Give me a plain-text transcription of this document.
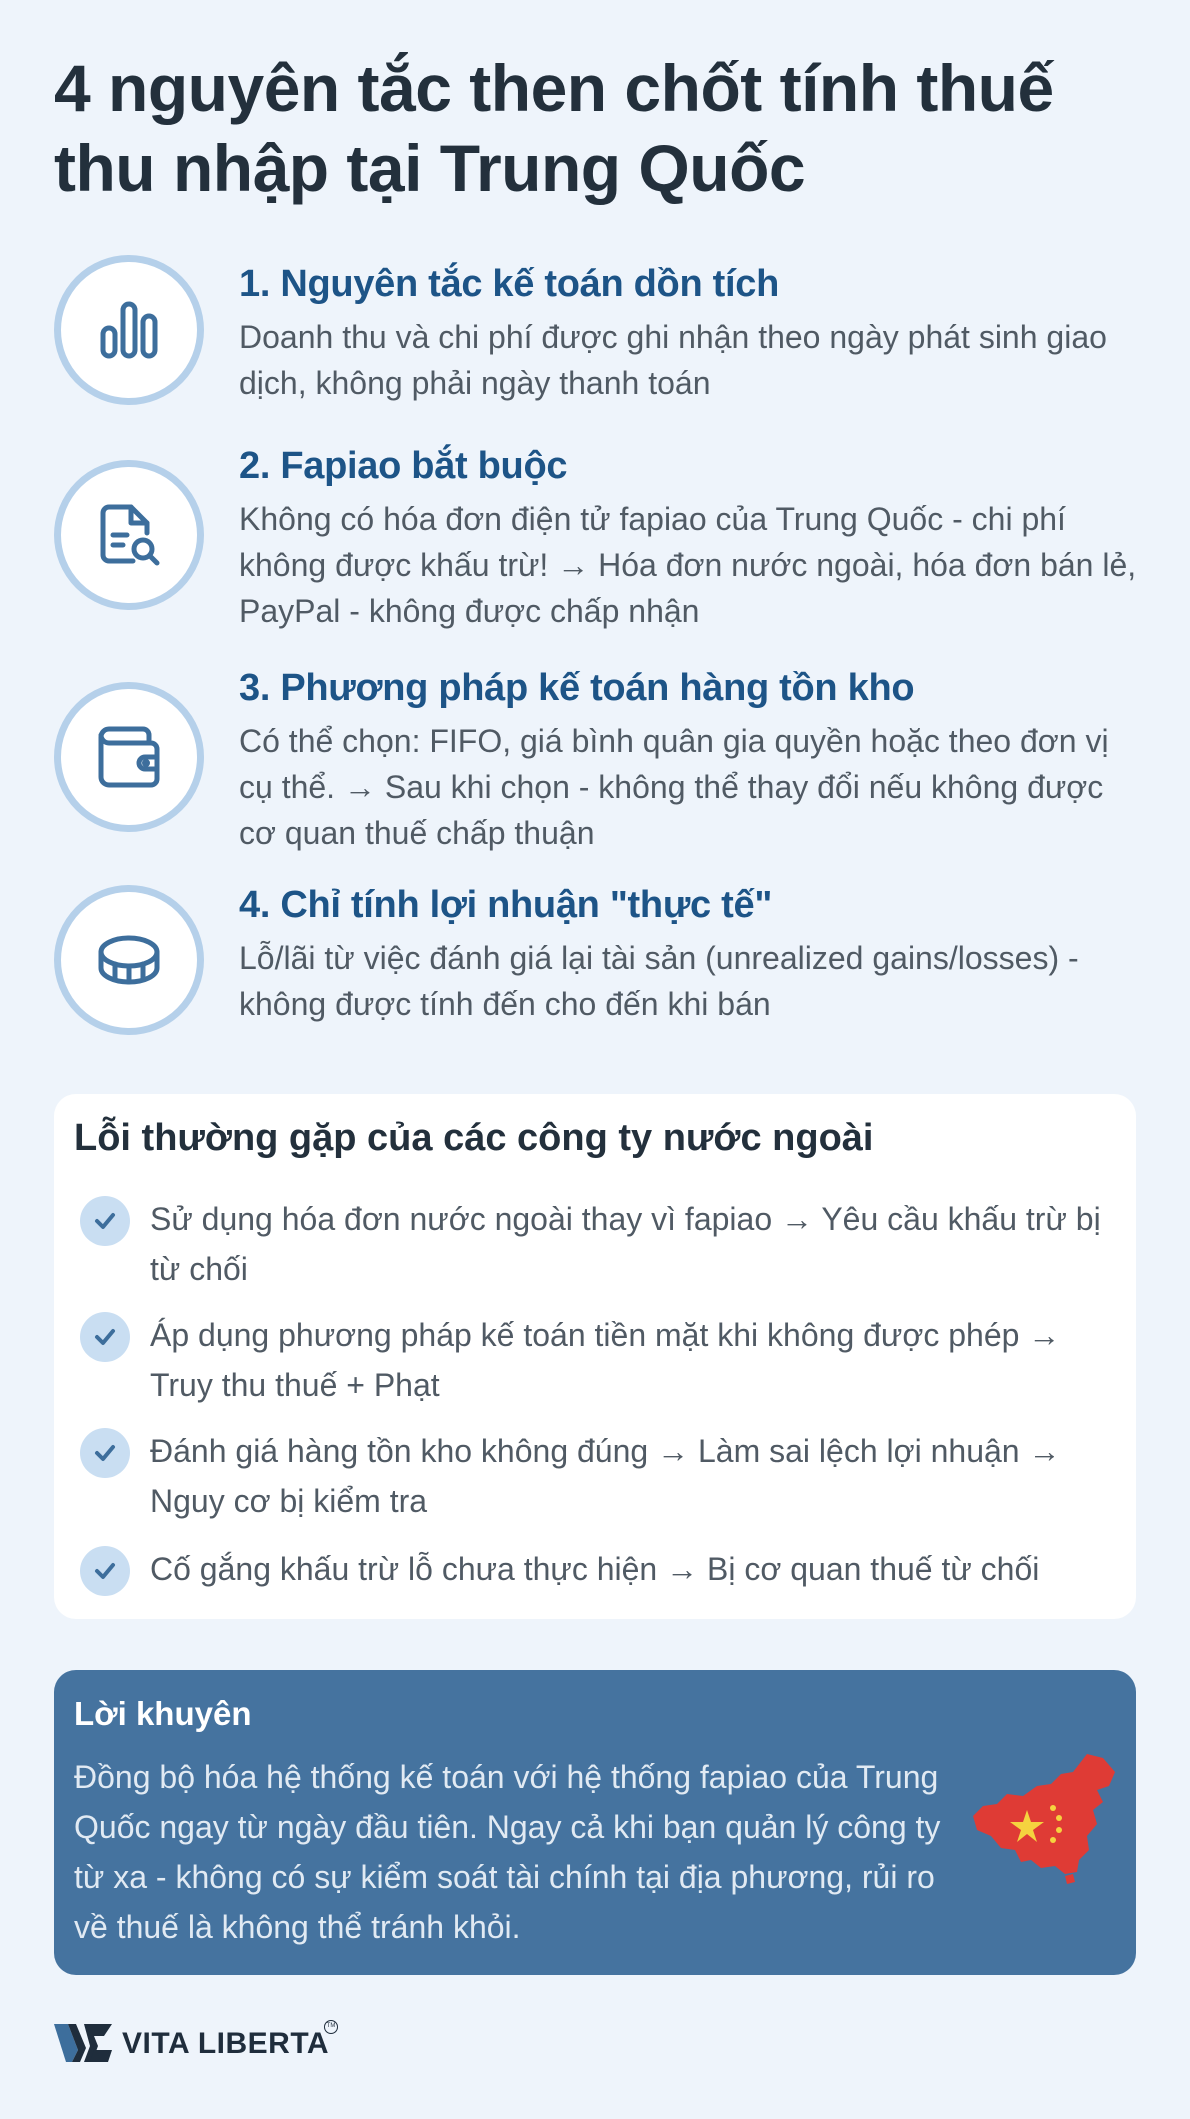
4 nguyên tắc then chốt tính thuế thu nhập tại Trung Quốc
1. Nguyên tắc kế toán dồn tích
Doanh thu và chi phí được ghi nhận theo ngày phát sinh giao dịch, không phải ngày thanh toán
2. Fapiao bắt buộc
Không có hóa đơn điện tử fapiao của Trung Quốc - chi phí không được khấu trừ! → Hóa đơn nước ngoài, hóa đơn bán lẻ, PayPal - không được chấp nhận
3. Phương pháp kế toán hàng tồn kho
Có thể chọn: FIFO, giá bình quân gia quyền hoặc theo đơn vị cụ thể. → Sau khi chọn - không thể thay đổi nếu không được cơ quan thuế chấp thuận
4. Chỉ tính lợi nhuận "thực tế"
Lỗ/lãi từ việc đánh giá lại tài sản (unrealized gains/losses) - không được tính đến cho đến khi bán
Lỗi thường gặp của các công ty nước ngoài
Sử dụng hóa đơn nước ngoài thay vì fapiao → Yêu cầu khấu trừ bị từ chối
Áp dụng phương pháp kế toán tiền mặt khi không được phép → Truy thu thuế + Phạt
Đánh giá hàng tồn kho không đúng → Làm sai lệch lợi nhuận → Nguy cơ bị kiểm tra
Cố gắng khấu trừ lỗ chưa thực hiện → Bị cơ quan thuế từ chối
Lời khuyên
Đồng bộ hóa hệ thống kế toán với hệ thống fapiao của Trung Quốc ngay từ ngày đầu tiên. Ngay cả khi bạn quản lý công ty từ xa - không có sự kiểm soát tài chính tại địa phương, rủi ro về thuế là không thể tránh khỏi.
VITA LIBERTA
TM
